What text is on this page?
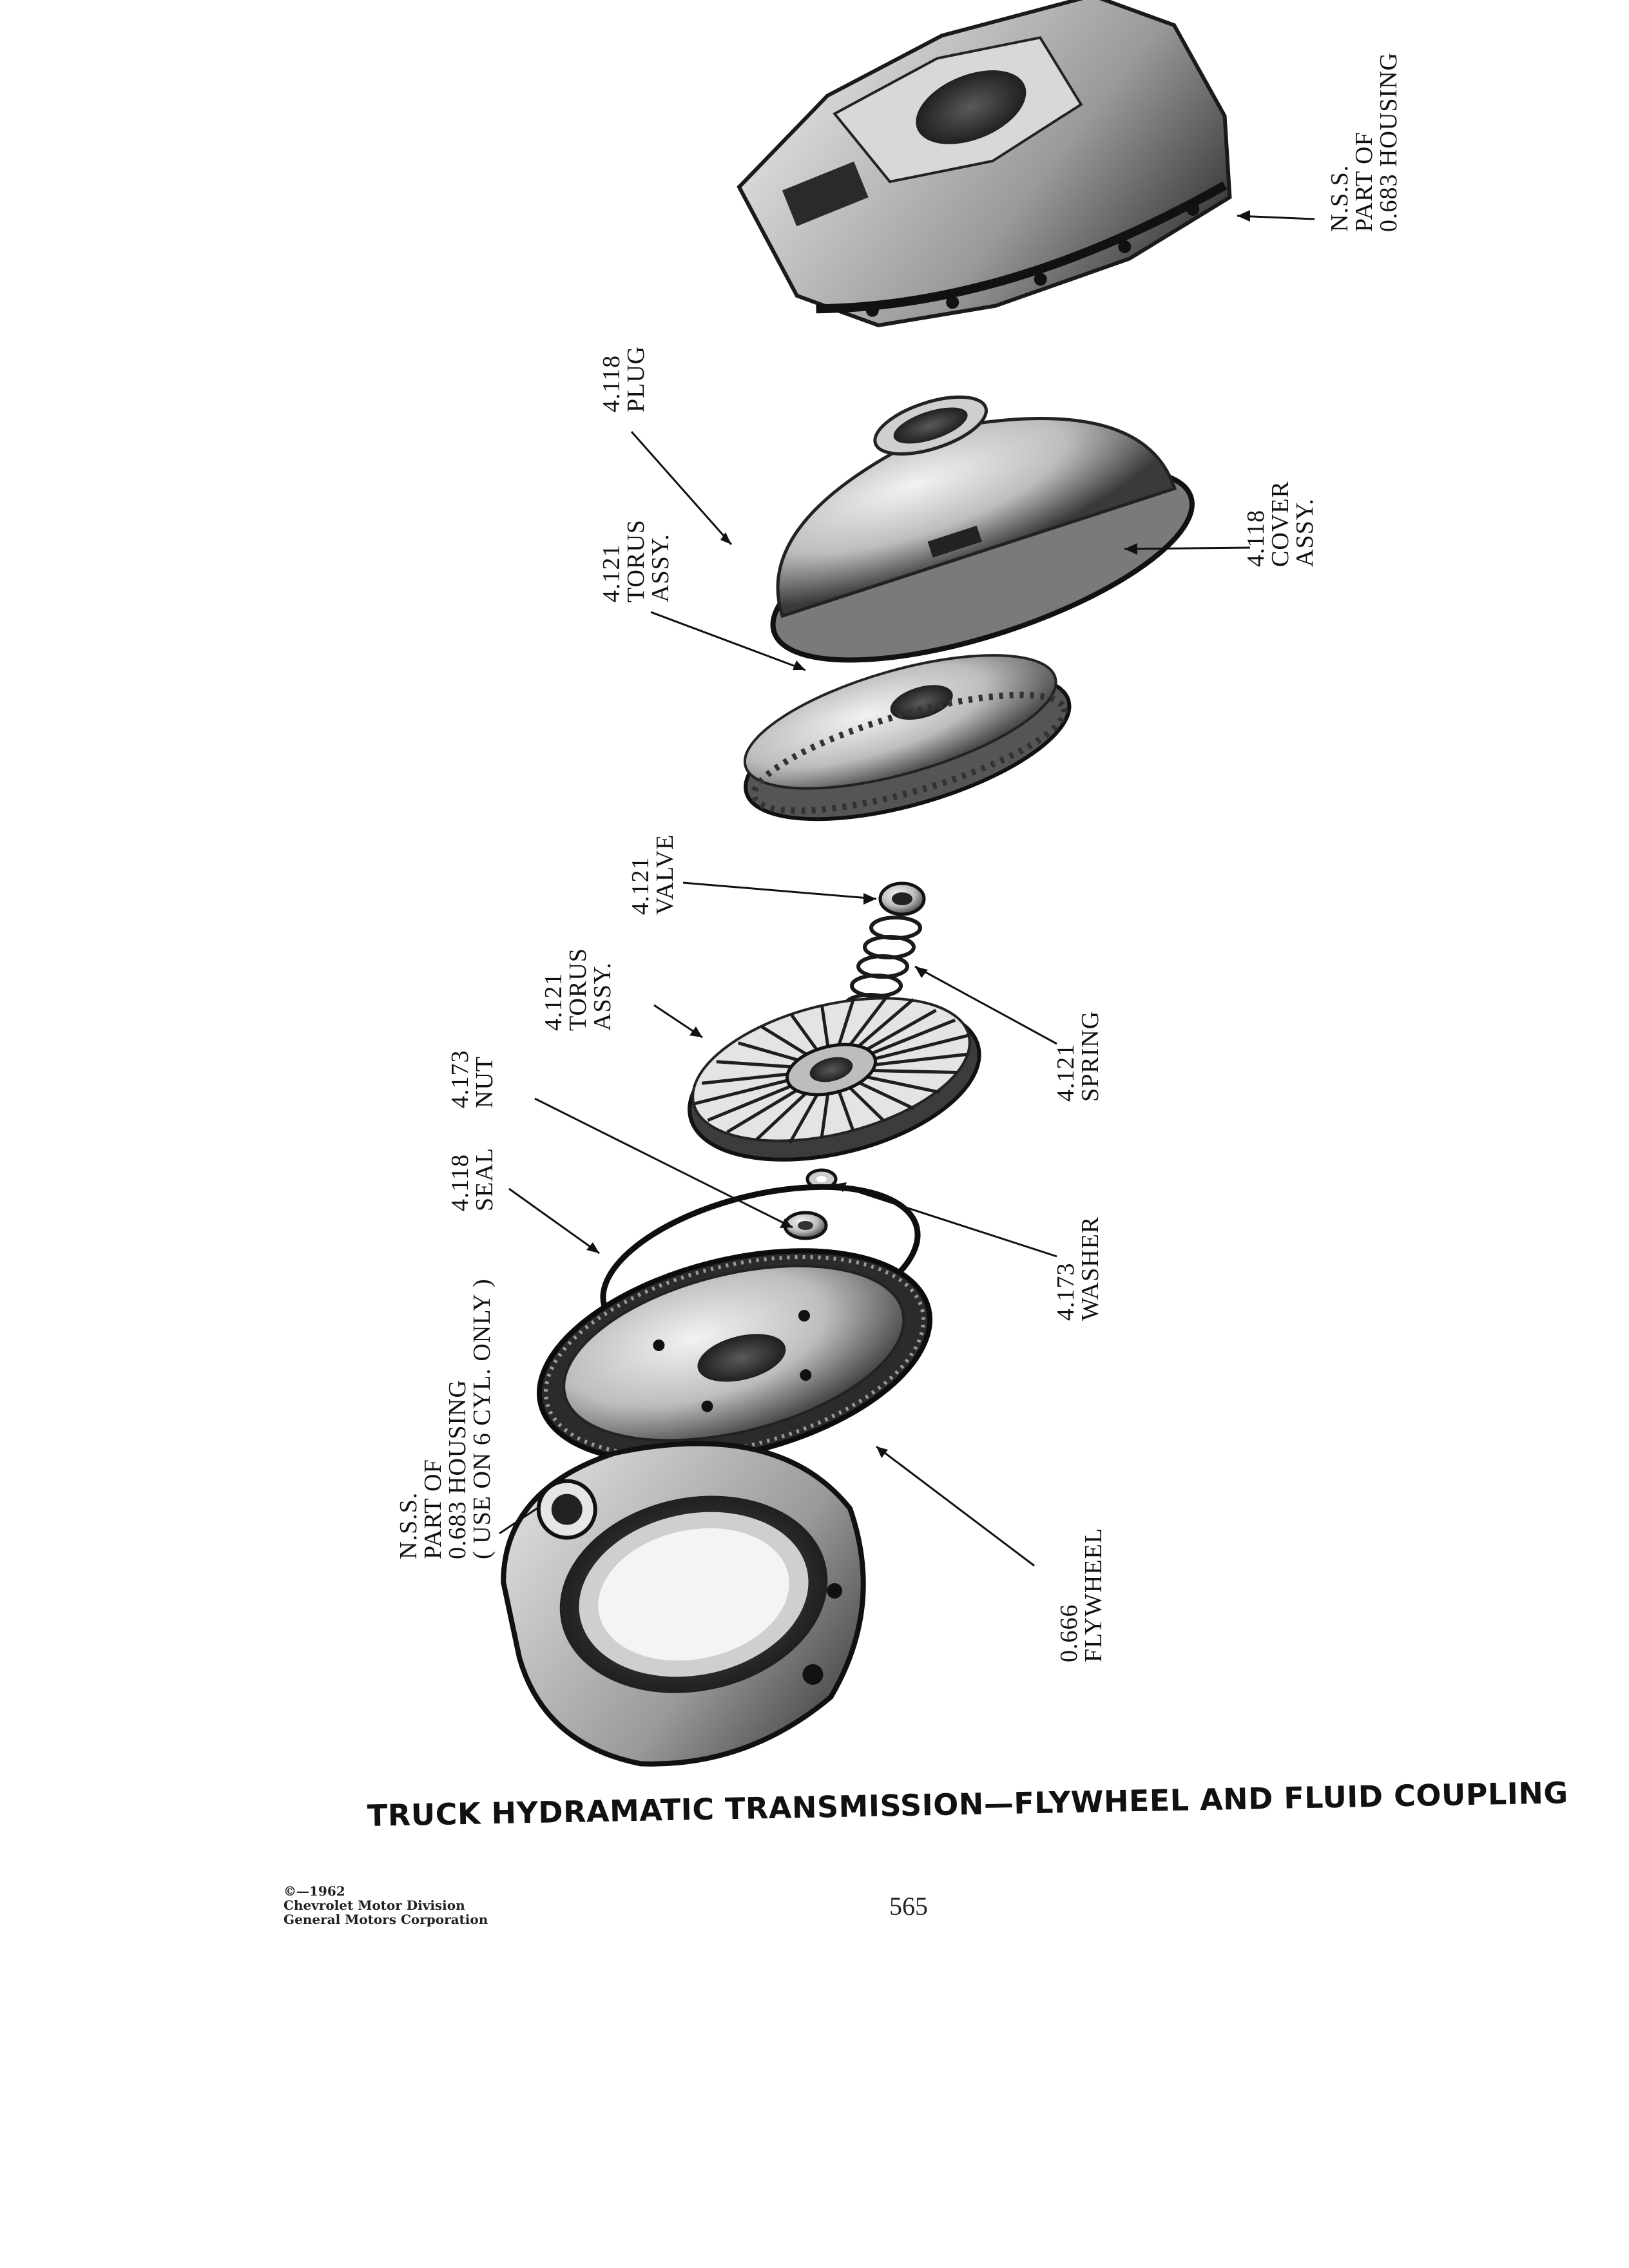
N.S.S.
PART OF
0.683 HOUSING
4.118
PLUG
4.121
TORUS
ASSY.	4.118
COVER
ASSY.
4.121
VALVE
4.121
TORUS
ASSY.
4.121
SPRING
4.173
NUT
4.118
SEAL
4.173
WASHER
N.S.S.
PART OF
0.683 HOUSING
( USE ON 6 CYL. ONLY )
0.666
FLYWHEEL
TRUCK HYDRAMATIC TRANSMISSION—FLYWHEEL AND FLUID COUPLING
©—1962
Chevrolet Motor Division
General Motors Corporation	565
